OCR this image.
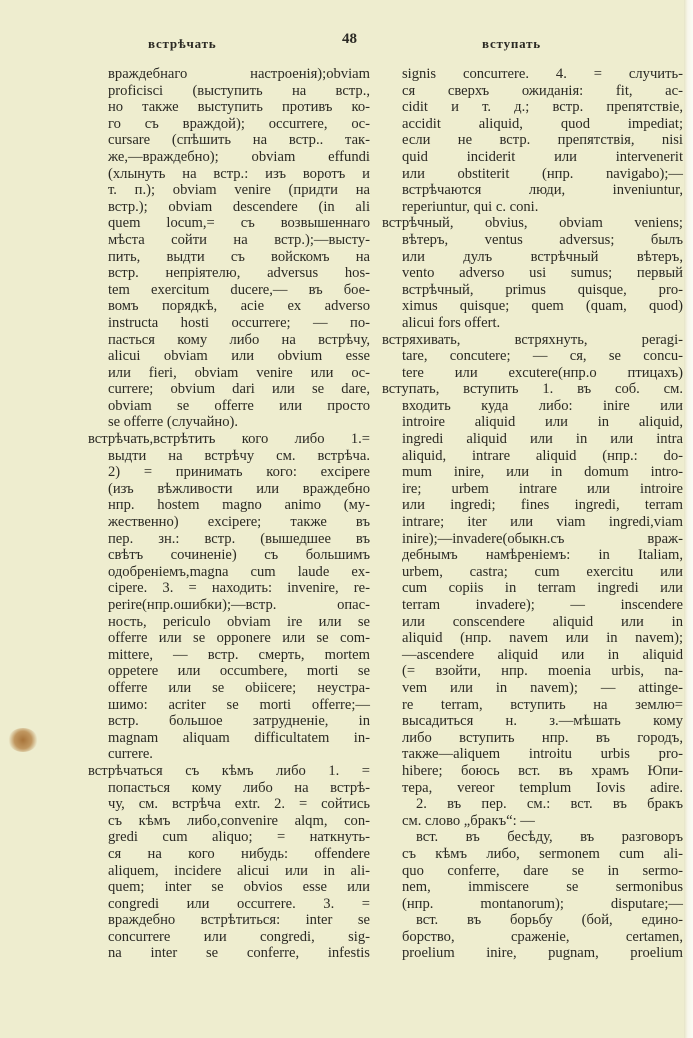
встрѣчать	48	вступать
враждебнаго настроенія);obviam
proficisci (выступить на встр.,
но также выступить противъ ко-
го съ враждой); occurrere, oc-
cursare (спѣшить на встр.. так-
же,—враждебно); obviam effundi
(хлынуть на встр.: изъ воротъ и
т. п.); obviam venire (придти на
встр.); obviam descendere (in ali
quem locum,= съ возвышеннаго
мѣста сойти на встр.);—высту-
пить, выдти съ войскомъ на
встр. непріятелю, adversus hos-
tem exercitum ducere,— въ бое-
вомъ порядкѣ, acie ex adverso
instructa hosti occurrere; — по-
пасться кому либо на встрѣчу,
alicui obviam или obvium esse
или fieri, obviam venire или oc-
currere; obvium dari или se dare,
obviam se offerre или просто
se offerre (случайно).
встрѣчать,встрѣтить кого либо 1.=
выдти на встрѣчу см. встрѣча.
2) = принимать кого: excipere
(изъ вѣжливости или враждебно
нпр. hostem magno animo (му-
жественно) excipere; также въ
пер. зн.: встр. (вышедшее въ
свѣтъ сочиненіе) съ большимъ
одобреніемъ,magna cum laude ex-
cipere. 3. = находить: invenire, re-
perire(нпр.ошибки);—встр. опас-
ность, periculo obviam ire или se
offerre или se opponere или se com-
mittere, — встр. смерть, mortem
oppetere или occumbere, morti se
offerre или se obiicere; неустра-
шимо: acriter se morti offerre;—
встр. большое затрудненіе, in
magnam aliquam difficultatem in-
currere.
встрѣчаться съ кѣмъ либо 1. =
попасться кому либо на встрѣ-
чу, см. встрѣча extr. 2. = сойтись
съ кѣмъ либо,convenire alqm, con-
gredi cum aliquo; = наткнуть-
ся на кого нибудь: offendere
aliquem, incidere alicui или in ali-
quem; inter se obvios esse или
congredi или occurrere. 3. =
враждебно встрѣтиться: inter se
concurrere или congredi, sig-
na inter se conferre, infestis
signis concurrere. 4. = случить-
ся сверхъ ожиданія: fit, ac-
cidit и т. д.; встр. препятствіе,
accidit aliquid, quod impediat;
если не встр. препятствія, nisi
quid inciderit или intervenerit
или obstiterit (нпр. navigabo);—
встрѣчаются люди, inveniuntur,
reperiuntur, qui c. coni.
встрѣчный, obvius, obviam veniens;
вѣтеръ, ventus adversus; былъ
или дулъ встрѣчный вѣтеръ,
vento adverso usi sumus; первый
встрѣчный, primus quisque, pro-
ximus quisque; quem (quam, quod)
alicui fors offert.
встряхивать, встряхнуть, peragi-
tare, concutere; — ся, se concu-
tere или excutere(нпр.о птицахъ)
вступать, вступить 1. въ соб. см.
входить куда либо: inire или
introire aliquid или in aliquid,
ingredi aliquid или in или intra
aliquid, intrare aliquid (нпр.: do-
mum inire, или in domum intro-
ire; urbem intrare или introire
или ingredi; fines ingredi, terram
intrare; iter или viam ingredi,viam
inire);—invadere(обыкн.съ враж-
дебнымъ намѣреніемъ: in Italiam,
urbem, castra; cum exercitu или
cum copiis in terram ingredi или
terram invadere); — inscendere
или conscendere aliquid или in
aliquid (нпр. navem или in navem);
—ascendere aliquid или in aliquid
(= взойти, нпр. moenia urbis, na-
vem или in navem); — attinge-
re terram, вступить на землю=
высадиться н. з.—мѣшать кому
либо вступить нпр. въ городъ,
также—aliquem introitu urbis pro-
hibere; боюсь вст. въ храмъ Юпи-
тера, vereor templum Iovis adire.
2. въ пер. см.: вст. въ бракъ
см. слово „бракъ“: —
вст. въ бесѣду, въ разговоръ
съ кѣмъ либо, sermonem cum ali-
quo conferre, dare se in sermo-
nem, immiscere se sermonibus
(нпр. montanorum); disputare;—
вст. въ борьбу (бой, едино-
борство, сраженіе, certamen,
proelium inire, pugnam, proelium
